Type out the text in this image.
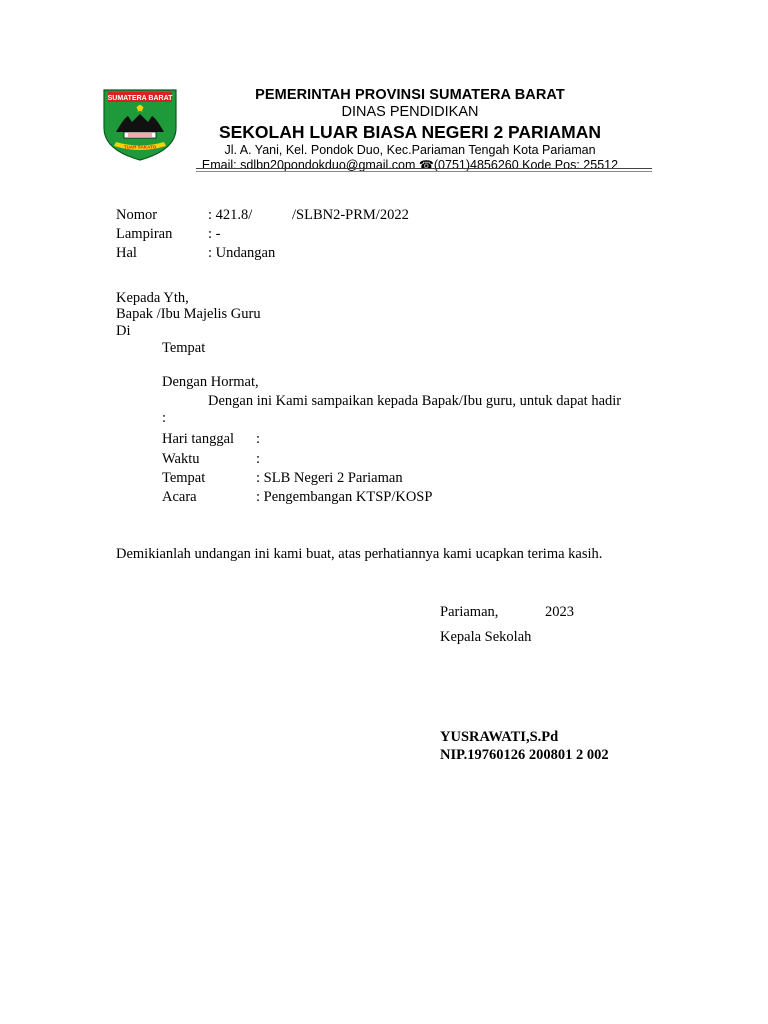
SUMATERA BARAT
TUAH SAKATO
PEMERINTAH PROVINSI SUMATERA BARAT
DINAS PENDIDIKAN
SEKOLAH LUAR BIASA NEGERI 2 PARIAMAN
Jl. A. Yani, Kel. Pondok Duo, Kec.Pariaman Tengah Kota Pariaman
Email: sdlbn20pondokduo@gmail.com ☎(0751)4856260 Kode Pos: 25512
Nomor	: 421.8/	/SLBN2-PRM/2022
Lampiran : -
Hal	: Undangan
Kepada Yth,
Bapak /Ibu Majelis Guru
Di
Tempat
Dengan Hormat,
Dengan ini Kami sampaikan kepada Bapak/Ibu guru, untuk dapat hadir
:
Hari tanggal :
Waktu	:
Tempat	: SLB Negeri 2 Pariaman
Acara	: Pengembangan KTSP/KOSP
Demikianlah undangan ini kami buat, atas perhatiannya kami ucapkan terima kasih.
Pariaman,	2023
Kepala Sekolah
YUSRAWATI,S.Pd
NIP.19760126 200801 2 002
